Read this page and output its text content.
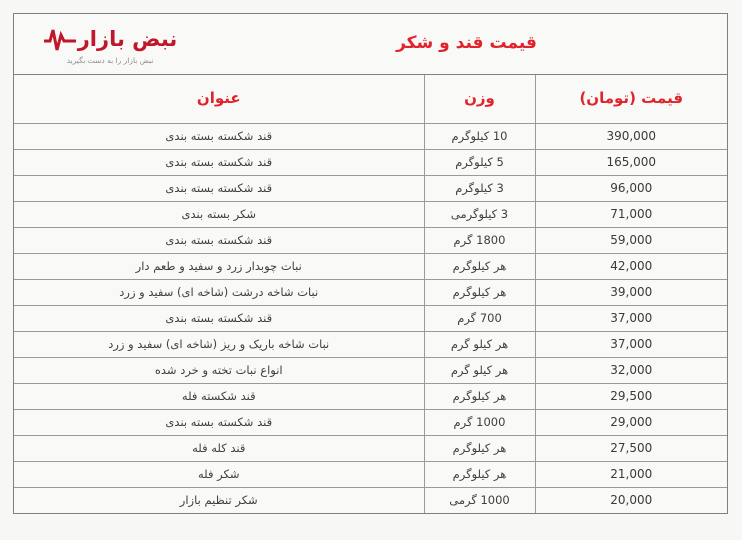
نبض بازار
نبض بازار را به دست بگیرید
قیمت قند و شکر
قیمت (تومان)	وزن	عنوان
390,000	10 کیلوگرم	قند شکسته بسته بندی
165,000	5 کیلوگرم	قند شکسته بسته بندی
96,000	3 کیلوگرم	قند شکسته بسته بندی
71,000	3 کیلوگرمی	شکر بسته بندی
59,000	1800 گرم	قند شکسته بسته بندی
42,000	هر کیلوگرم	نبات چوبدار زرد و سفید و طعم دار
39,000	هر کیلوگرم	نبات شاخه درشت (شاخه ای) سفید و زرد
37,000	700 گرم	قند شکسته بسته بندی
37,000	هر کیلو گرم	نبات شاخه باریک و ریز (شاخه ای) سفید و زرد
32,000	هر کیلو گرم	انواع نبات تخته و خرد شده
29,500	هر کیلوگرم	قند شکسته فله
29,000	1000 گرم	قند شکسته بسته بندی
27,500	هر کیلوگرم	قند کله فله
21,000	هر کیلوگرم	شکر فله
20,000	1000 گرمی	شکر تنظیم بازار
